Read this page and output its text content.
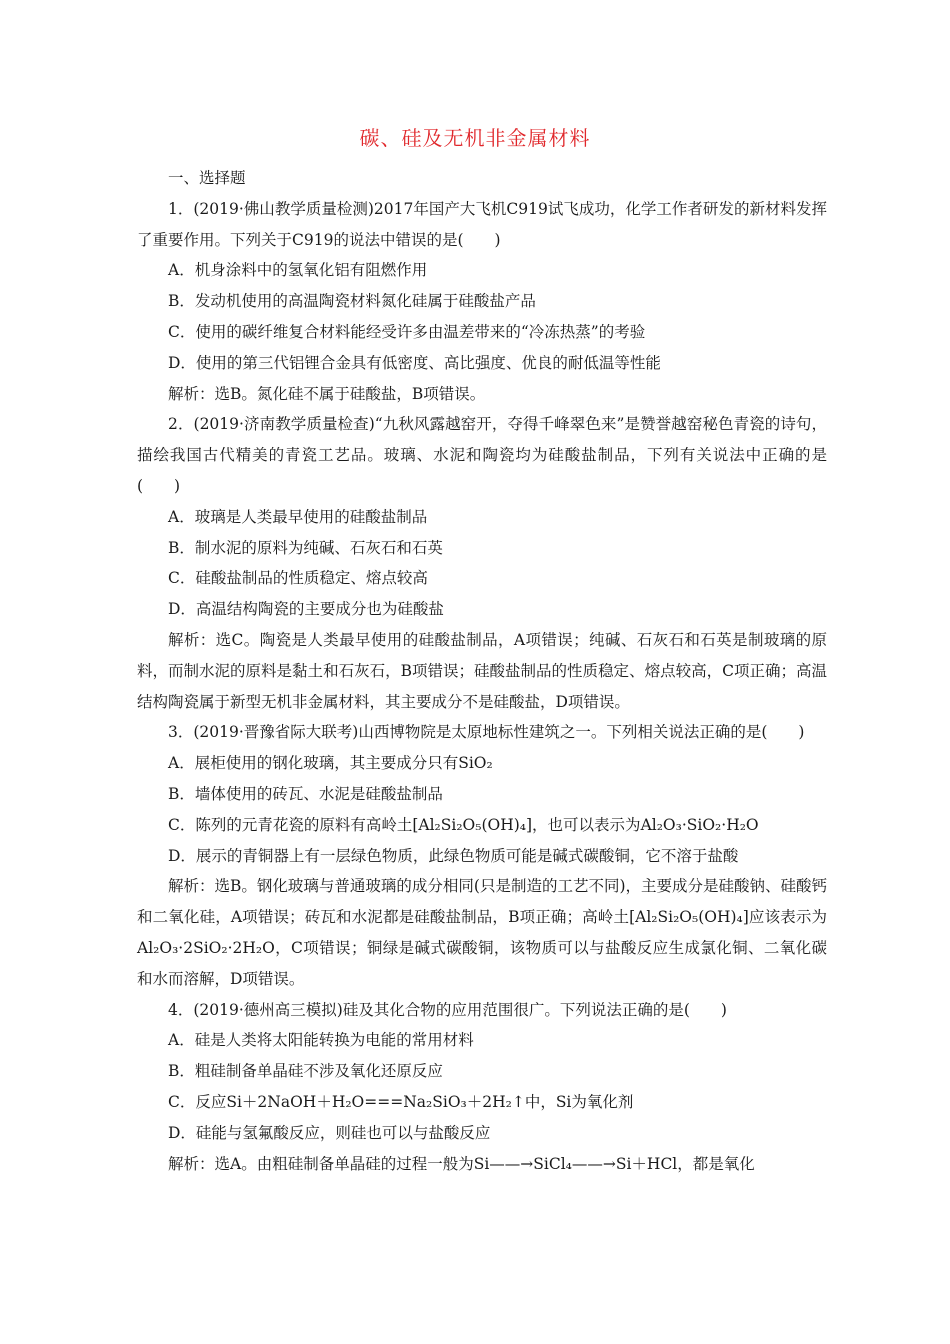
碳、硅及无机非金属材料

一、选择题

1．(2019·佛山教学质量检测)2017年国产大飞机C919试飞成功，化学工作者研发的新材料发挥了重要作用。下列关于C919的说法中错误的是(　　)

A．机身涂料中的氢氧化铝有阻燃作用

B．发动机使用的高温陶瓷材料氮化硅属于硅酸盐产品

C．使用的碳纤维复合材料能经受许多由温差带来的“冷冻热蒸”的考验

D．使用的第三代铝锂合金具有低密度、高比强度、优良的耐低温等性能

解析：选B。氮化硅不属于硅酸盐，B项错误。

2．(2019·济南教学质量检查)“九秋风露越窑开，夺得千峰翠色来”是赞誉越窑秘色青瓷的诗句，描绘我国古代精美的青瓷工艺品。玻璃、水泥和陶瓷均为硅酸盐制品，下列有关说法中正确的是(　　)

A．玻璃是人类最早使用的硅酸盐制品

B．制水泥的原料为纯碱、石灰石和石英

C．硅酸盐制品的性质稳定、熔点较高

D．高温结构陶瓷的主要成分也为硅酸盐

解析：选C。陶瓷是人类最早使用的硅酸盐制品，A项错误；纯碱、石灰石和石英是制玻璃的原料，而制水泥的原料是黏土和石灰石，B项错误；硅酸盐制品的性质稳定、熔点较高，C项正确；高温结构陶瓷属于新型无机非金属材料，其主要成分不是硅酸盐，D项错误。

3．(2019·晋豫省际大联考)山西博物院是太原地标性建筑之一。下列相关说法正确的是(　　)

A．展柜使用的钢化玻璃，其主要成分只有SiO₂

B．墙体使用的砖瓦、水泥是硅酸盐制品

C．陈列的元青花瓷的原料有高岭土[Al₂Si₂O₅(OH)₄]，也可以表示为Al₂O₃·SiO₂·H₂O

D．展示的青铜器上有一层绿色物质，此绿色物质可能是碱式碳酸铜，它不溶于盐酸

解析：选B。钢化玻璃与普通玻璃的成分相同(只是制造的工艺不同)，主要成分是硅酸钠、硅酸钙和二氧化硅，A项错误；砖瓦和水泥都是硅酸盐制品，B项正确；高岭土[Al₂Si₂O₅(OH)₄]应该表示为Al₂O₃·2SiO₂·2H₂O，C项错误；铜绿是碱式碳酸铜，该物质可以与盐酸反应生成氯化铜、二氧化碳和水而溶解，D项错误。

4．(2019·德州高三模拟)硅及其化合物的应用范围很广。下列说法正确的是(　　)

A．硅是人类将太阳能转换为电能的常用材料

B．粗硅制备单晶硅不涉及氧化还原反应

C．反应Si＋2NaOH＋H₂O===Na₂SiO₃＋2H₂↑中，Si为氧化剂

D．硅能与氢氟酸反应，则硅也可以与盐酸反应

解析：选A。由粗硅制备单晶硅的过程一般为Si——→SiCl₄——→Si＋HCl，都是氧化
